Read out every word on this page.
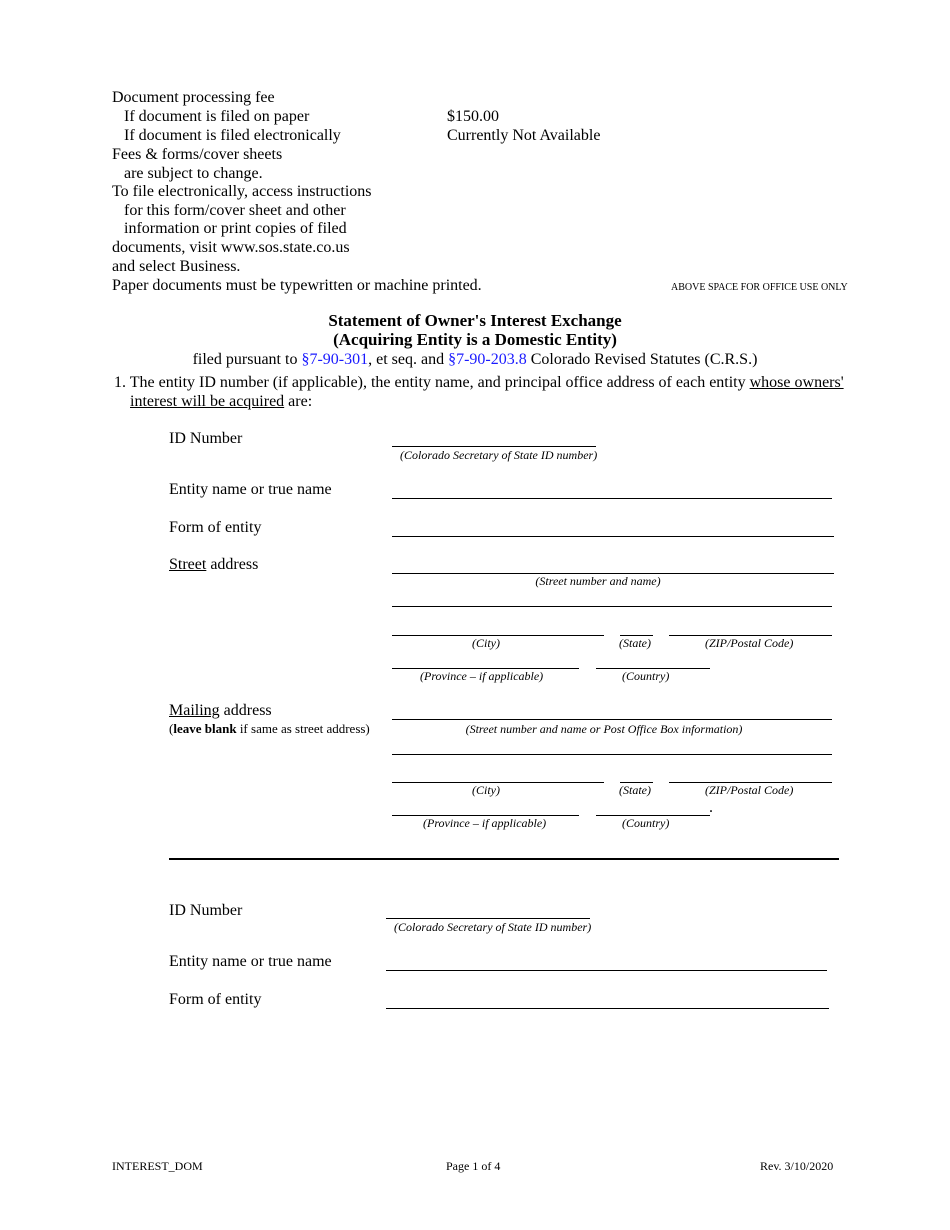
Document processing fee
If document is filed on paper	$150.00
If document is filed electronically	Currently Not Available
Fees & forms/cover sheets
are subject to change.
To file electronically, access instructions
for this form/cover sheet and other
information or print copies of filed
documents, visit www.sos.state.co.us
and select Business.
Paper documents must be typewritten or machine printed.	ABOVE SPACE FOR OFFICE USE ONLY
Statement of Owner's Interest Exchange
(Acquiring Entity is a Domestic Entity)
filed pursuant to §7-90-301, et seq. and §7-90-203.8 Colorado Revised Statutes (C.R.S.)
1. The entity ID number (if applicable), the entity name, and principal office address of each entity whose owners'
interest will be acquired are:
ID Number
(Colorado Secretary of State ID number)
Entity name or true name
Form of entity
Street address
(Street number and name)
(City)	(State)	(ZIP/Postal Code)
(Province – if applicable)	(Country)
Mailing address
(leave blank if same as street address)	(Street number and name or Post Office Box information)
(City)	(State)	(ZIP/Postal Code)
.
(Province – if applicable)	(Country)
ID Number
(Colorado Secretary of State ID number)
Entity name or true name
Form of entity
INTEREST_DOM	Page 1 of 4	Rev. 3/10/2020
